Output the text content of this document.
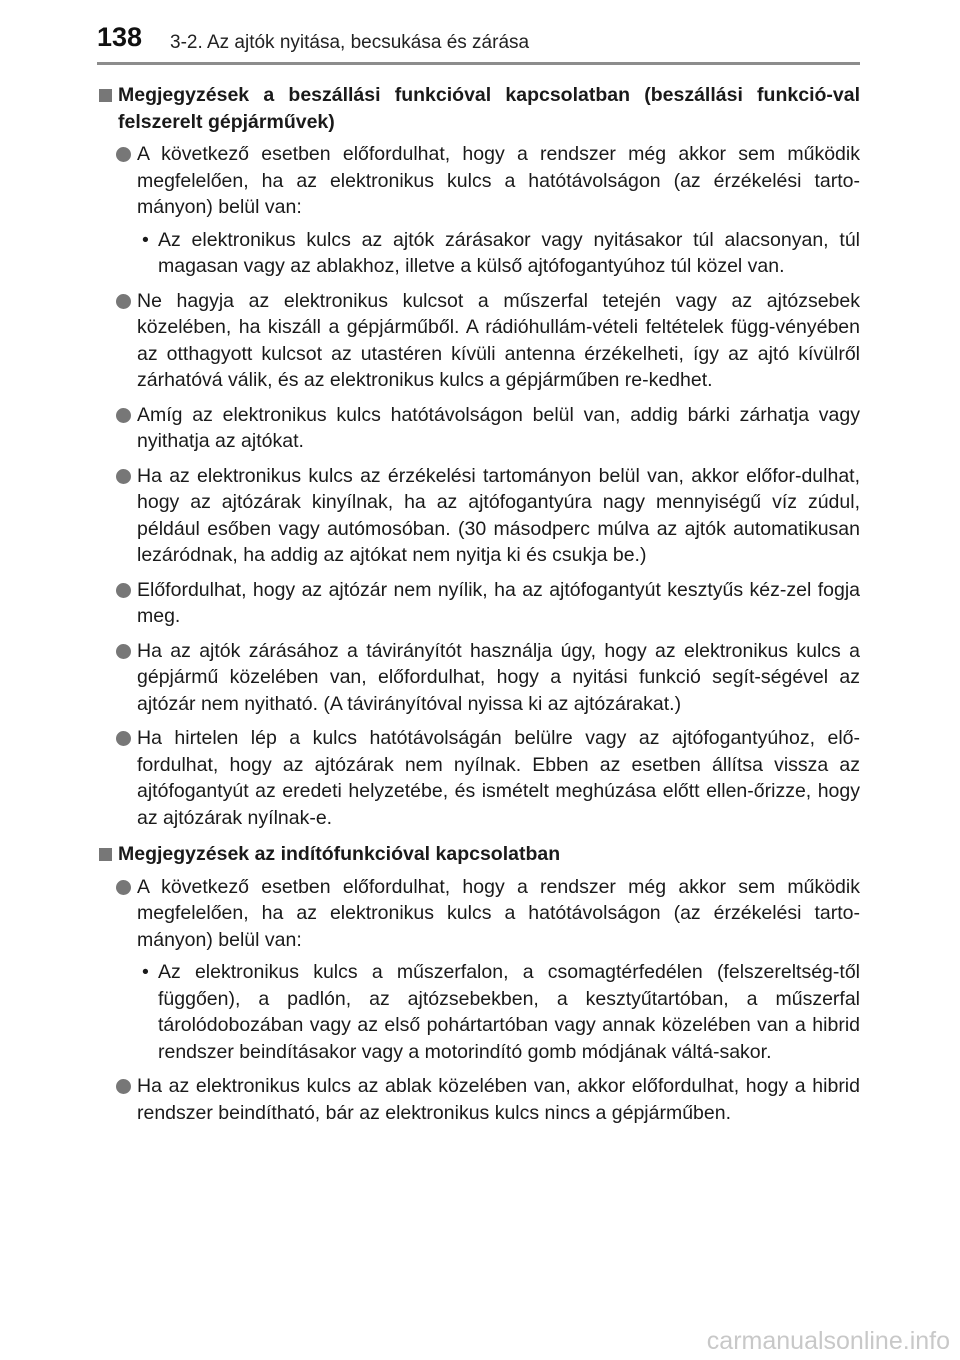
138 3-2. Az ajtók nyitása, becsukása és zárása
Megjegyzések a beszállási funkcióval kapcsolatban (beszállási funkció-val felszerelt gépjárművek)
A következő esetben előfordulhat, hogy a rendszer még akkor sem működik megfelelően, ha az elektronikus kulcs a hatótávolságon (az érzékelési tarto-mányon) belül van:
• Az elektronikus kulcs az ajtók zárásakor vagy nyitásakor túl alacsonyan, túl magasan vagy az ablakhoz, illetve a külső ajtófogantyúhoz túl közel van.
Ne hagyja az elektronikus kulcsot a műszerfal tetején vagy az ajtózsebek közelében, ha kiszáll a gépjárműből. A rádióhullám-vételi feltételek függ-vényében az otthagyott kulcsot az utastéren kívüli antenna érzékelheti, így az ajtó kívülről zárhatóvá válik, és az elektronikus kulcs a gépjárműben re-kedhet.
Amíg az elektronikus kulcs hatótávolságon belül van, addig bárki zárhatja vagy nyithatja az ajtókat.
Ha az elektronikus kulcs az érzékelési tartományon belül van, akkor előfor-dulhat, hogy az ajtózárak kinyílnak, ha az ajtófogantyúra nagy mennyiségű víz zúdul, például esőben vagy autómosóban. (30 másodperc múlva az ajtók automatikusan lezáródnak, ha addig az ajtókat nem nyitja ki és csukja be.)
Előfordulhat, hogy az ajtózár nem nyílik, ha az ajtófogantyút kesztyűs kéz-zel fogja meg.
Ha az ajtók zárásához a távirányítót használja úgy, hogy az elektronikus kulcs a gépjármű közelében van, előfordulhat, hogy a nyitási funkció segít-ségével az ajtózár nem nyitható. (A távirányítóval nyissa ki az ajtózárakat.)
Ha hirtelen lép a kulcs hatótávolságán belülre vagy az ajtófogantyúhoz, elő-fordulhat, hogy az ajtózárak nem nyílnak. Ebben az esetben állítsa vissza az ajtófogantyút az eredeti helyzetébe, és ismételt meghúzása előtt ellen-őrizze, hogy az ajtózárak nyílnak-e.
Megjegyzések az indítófunkcióval kapcsolatban
A következő esetben előfordulhat, hogy a rendszer még akkor sem működik megfelelően, ha az elektronikus kulcs a hatótávolságon (az érzékelési tarto-mányon) belül van:
• Az elektronikus kulcs a műszerfalon, a csomagtérfedélen (felszereltség-től függően), a padlón, az ajtózsebekben, a kesztyűtartóban, a műszerfal tárolódobozában vagy az első pohártartóban vagy annak közelében van a hibrid rendszer beindításakor vagy a motorindító gomb módjának váltá-sakor.
Ha az elektronikus kulcs az ablak közelében van, akkor előfordulhat, hogy a hibrid rendszer beindítható, bár az elektronikus kulcs nincs a gépjárműben.
carmanualsonline.info
